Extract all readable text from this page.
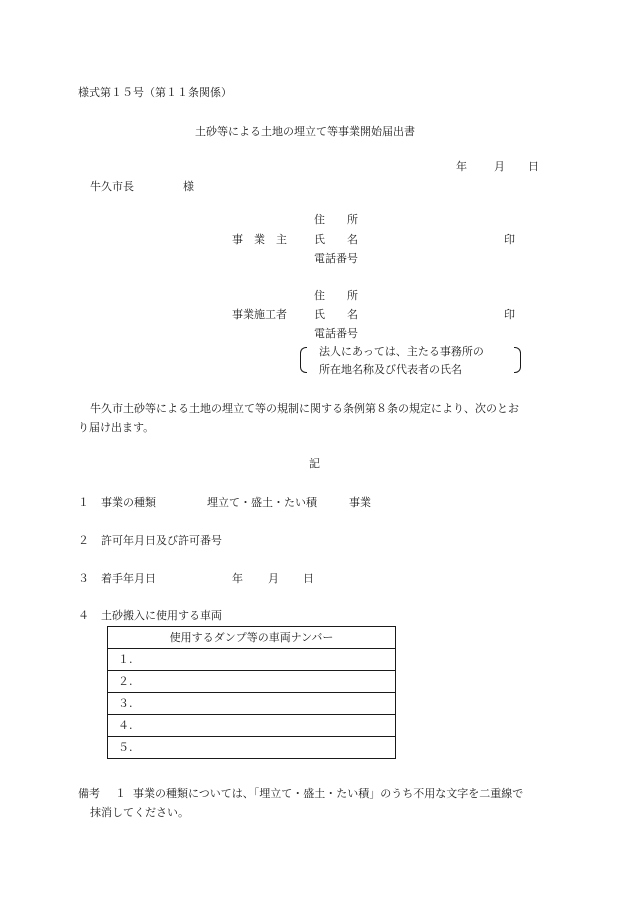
様式第１５号（第１１条関係）
土砂等による土地の埋立て等事業開始届出書
年 月 日
牛久市長	様
住　　所
事　業　主 氏　　名	印
電話番号
住　　所
事業施工者 氏　　名	印
電話番号
法人にあっては、主たる事務所の
所在地名称及び代表者の氏名
牛久市土砂等による土地の埋立て等の規制に関する条例第８条の規定により、次のとお
り届け出ます。
記
１ 事業の種類	埋立て・盛土・たい積	事業
２ 許可年月日及び許可番号
３ 着手年月日	年 月 日
４ 土砂搬入に使用する車両
使用するダンプ等の車両ナンバー
１.
２.
３.
４.
５.
備考 １ 事業の種類については、「埋立て・盛土・たい積」のうち不用な文字を二重線で
抹消してください。
